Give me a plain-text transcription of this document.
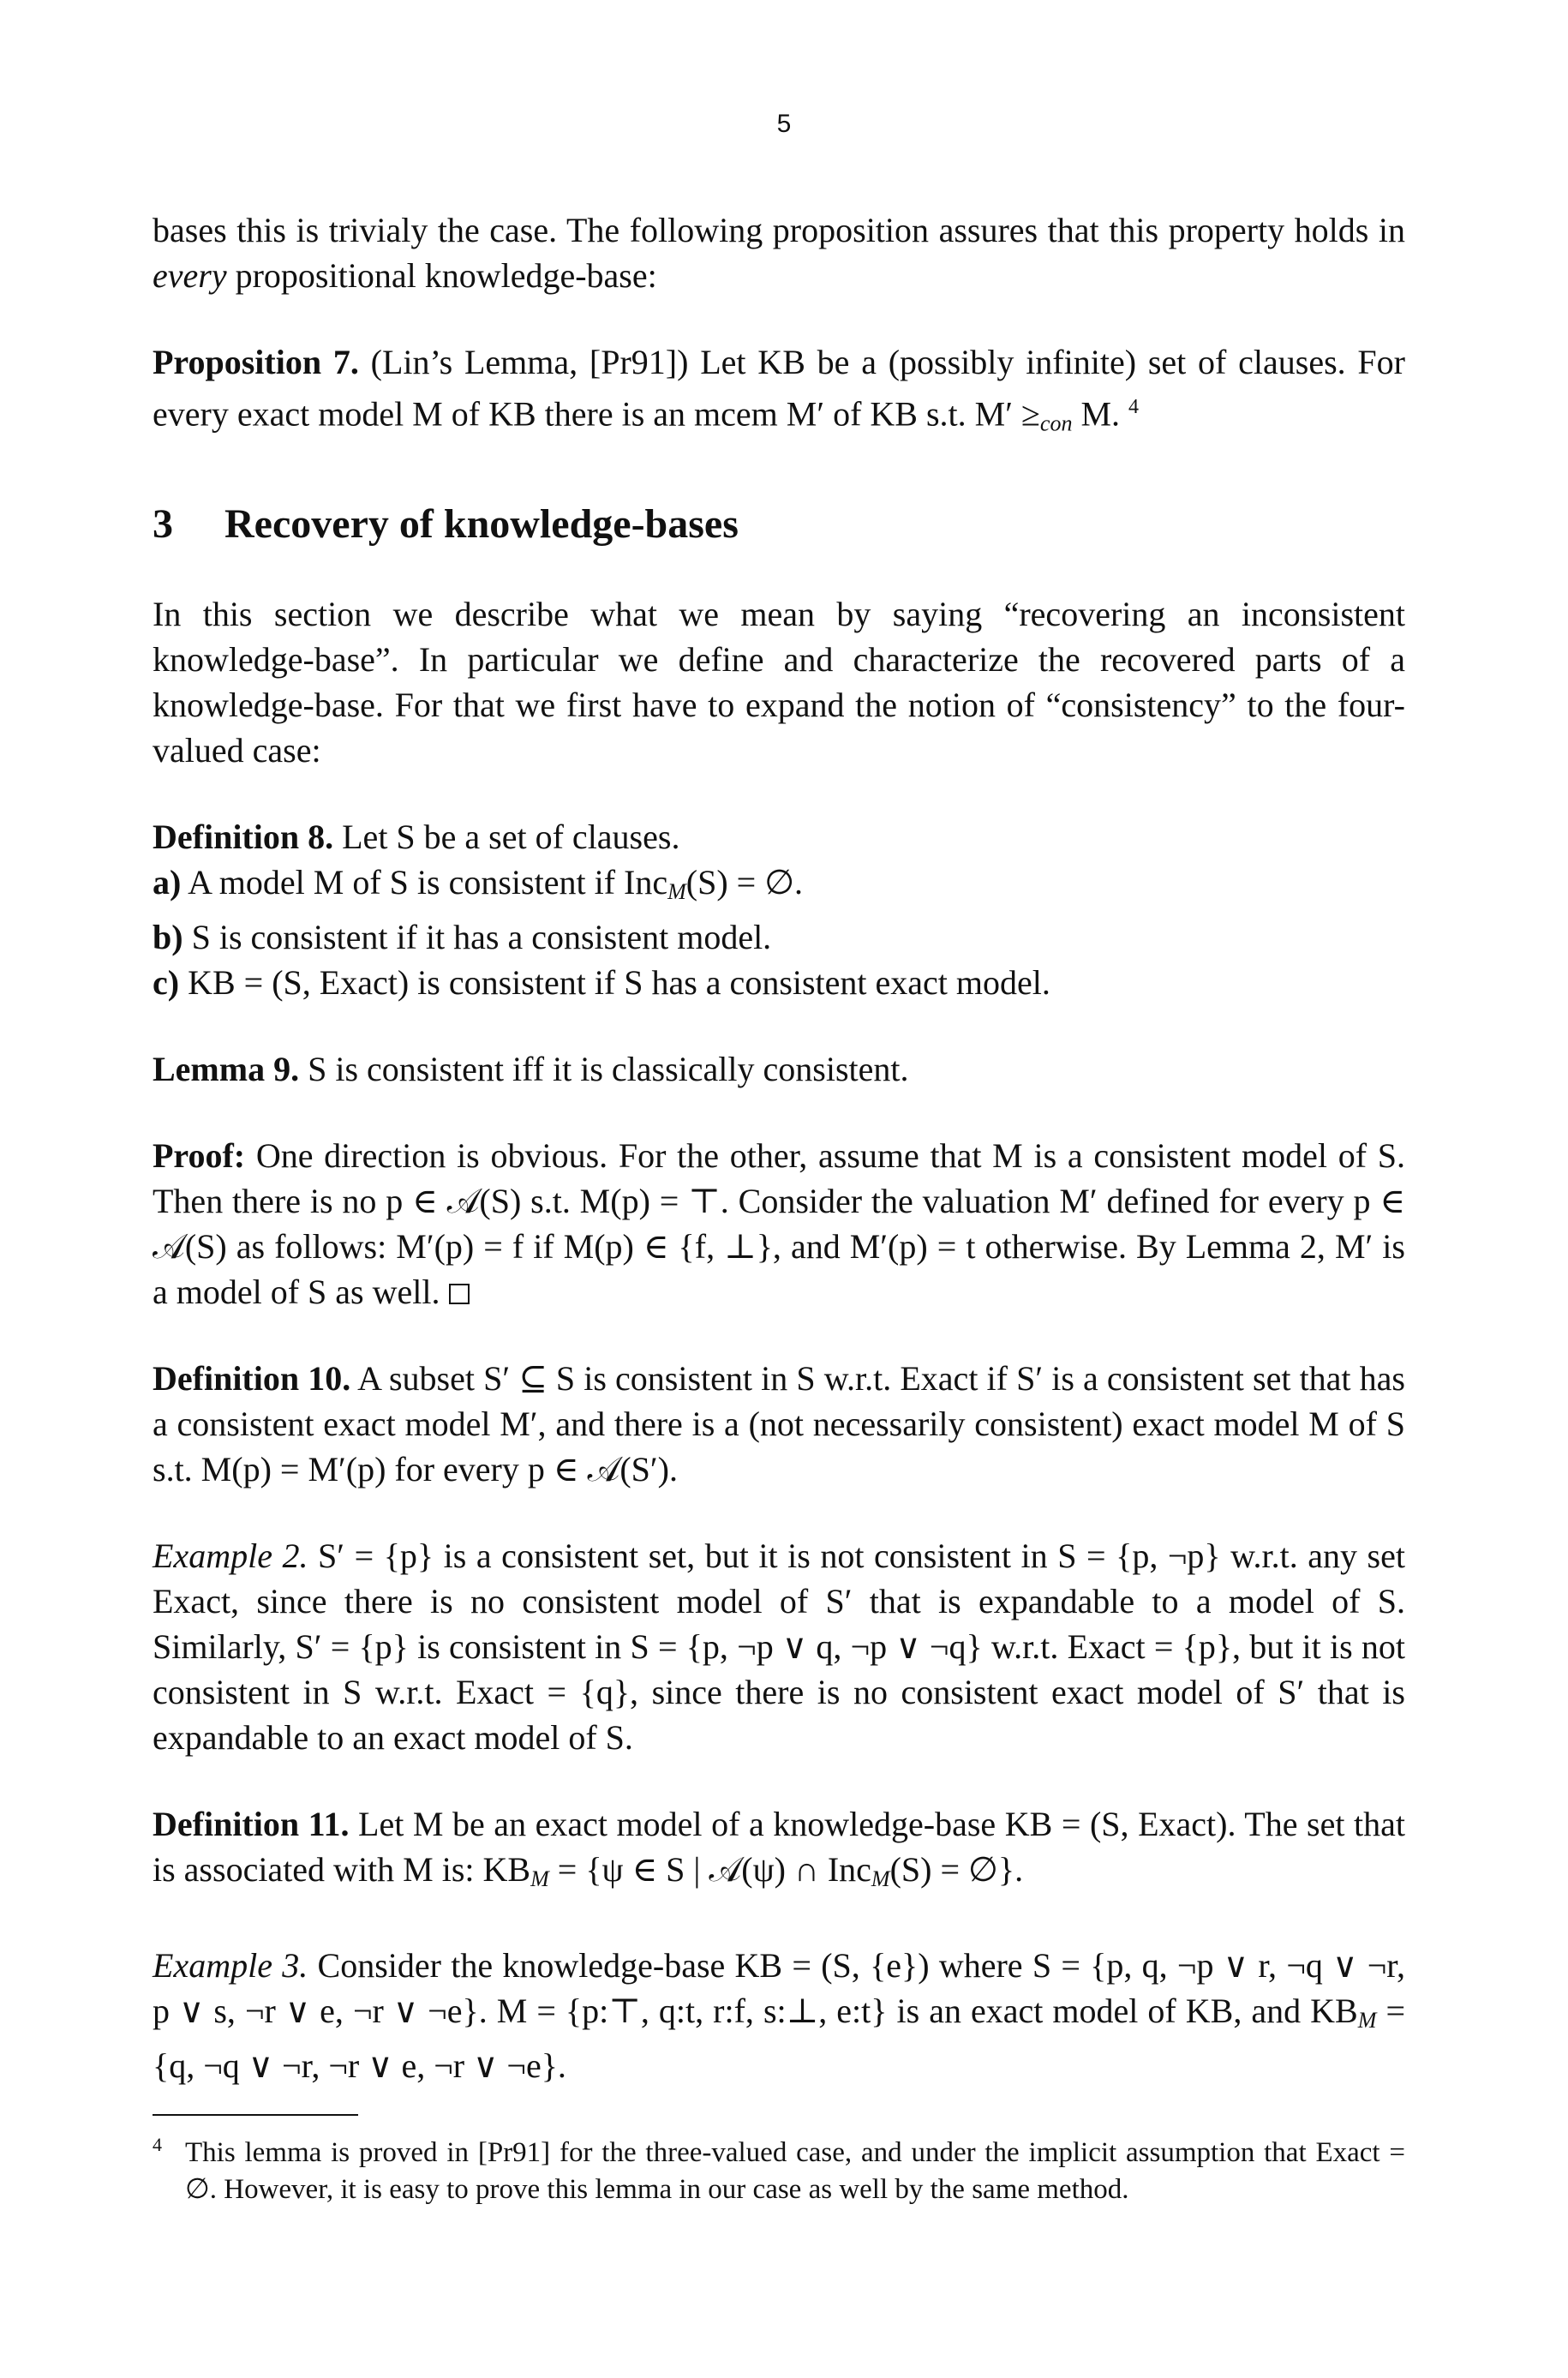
5

bases this is trivialy the case. The following proposition assures that this property holds in every propositional knowledge-base:

Proposition 7. (Lin’s Lemma, [Pr91]) Let KB be a (possibly infinite) set of clauses. For every exact model M of KB there is an mcem M′ of KB s.t. M′ ≥con M. $^4$

3 Recovery of knowledge-bases

In this section we describe what we mean by saying “recovering an inconsistent knowledge-base”. In particular we define and characterize the recovered parts of a knowledge-base. For that we first have to expand the notion of “consistency” to the four-valued case:

Definition 8. Let S be a set of clauses.

a) A model M of S is consistent if IncM(S) = ∅.

b) S is consistent if it has a consistent model.

c) KB = (S, Exact) is consistent if S has a consistent exact model.

Lemma 9. S is consistent iff it is classically consistent.

Proof: One direction is obvious. For the other, assume that M is a consistent model of S. Then there is no p ∈ 𝒜(S) s.t. M(p) = ⊤. Consider the valuation M′ defined for every p ∈ 𝒜(S) as follows: M′(p) = f if M(p) ∈ {f, ⊥}, and M′(p) = t otherwise. By Lemma 2, M′ is a model of S as well.

Definition 10. A subset S′ ⊆ S is consistent in S w.r.t. Exact if S′ is a consistent set that has a consistent exact model M′, and there is a (not necessarily consistent) exact model M of S s.t. M(p) = M′(p) for every p ∈ 𝒜(S′).

Example 2. S′ = {p} is a consistent set, but it is not consistent in S = {p, ¬p} w.r.t. any set Exact, since there is no consistent model of S′ that is expandable to a model of S. Similarly, S′ = {p} is consistent in S = {p, ¬p ∨ q, ¬p ∨ ¬q} w.r.t. Exact = {p}, but it is not consistent in S w.r.t. Exact = {q}, since there is no consistent exact model of S′ that is expandable to an exact model of S.

Definition 11. Let M be an exact model of a knowledge-base KB = (S, Exact). The set that is associated with M is: KBM = {ψ ∈ S | 𝒜(ψ) ∩ IncM(S) = ∅}.

Example 3. Consider the knowledge-base KB = (S, {e}) where S = {p, q, ¬p ∨ r, ¬q ∨ ¬r, p ∨ s, ¬r ∨ e, ¬r ∨ ¬e}. M = {p:⊤, q:t, r:f, s:⊥, e:t} is an exact model of KB, and KBM = {q, ¬q ∨ ¬r, ¬r ∨ e, ¬r ∨ ¬e}.

$^4$ This lemma is proved in [Pr91] for the three-valued case, and under the implicit assumption that Exact = ∅. However, it is easy to prove this lemma in our case as well by the same method.
